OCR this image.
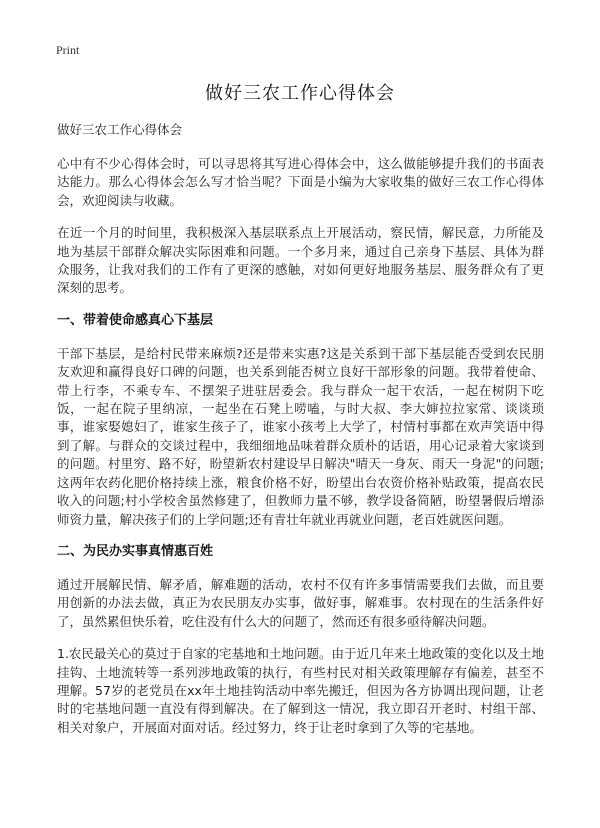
Print
做好三农工作心得体会

做好三农工作心得体会

心中有不少心得体会时，可以寻思将其写进心得体会中，这么做能够提升我们的书面表达能力。那么心得体会怎么写才恰当呢？下面是小编为大家收集的做好三农工作心得体会，欢迎阅读与收藏。

在近一个月的时间里，我积极深入基层联系点上开展活动，察民情，解民意，力所能及地为基层干部群众解决实际困难和问题。一个多月来，通过自己亲身下基层、具体为群众服务，让我对我们的工作有了更深的感触，对如何更好地服务基层、服务群众有了更深刻的思考。

一、带着使命感真心下基层

干部下基层，是给村民带来麻烦?还是带来实惠?这是关系到干部下基层能否受到农民朋友欢迎和赢得良好口碑的问题，也关系到能否树立良好干部形象的问题。我带着使命、带上行李，不乘专车、不摆架子进驻居委会。我与群众一起干农活，一起在树阴下吃饭，一起在院子里纳凉，一起坐在石凳上唠嗑，与时大叔、李大婶拉拉家常、谈谈琐事，谁家娶媳妇了，谁家生孩子了，谁家小孩考上大学了，村情村事都在欢声笑语中得到了解。与群众的交谈过程中，我细细地品味着群众质朴的话语，用心记录着大家谈到的问题。村里穷、路不好，盼望新农村建设早日解决"晴天一身灰、雨天一身泥"的问题;这两年农药化肥价格持续上涨，粮食价格不好，盼望出台农资价格补贴政策，提高农民收入的问题;村小学校舍虽然修建了，但教师力量不够，教学设备简陋，盼望暑假后增添师资力量，解决孩子们的上学问题;还有青壮年就业再就业问题，老百姓就医问题。

二、为民办实事真情惠百姓

通过开展解民情、解矛盾，解难题的活动，农村不仅有许多事情需要我们去做，而且要用创新的办法去做，真正为农民朋友办实事，做好事，解难事。农村现在的生活条件好了，虽然累但快乐着，吃住没有什么大的问题了，然而还有很多亟待解决问题。

1.农民最关心的莫过于自家的宅基地和土地问题。由于近几年来土地政策的变化以及土地挂钩、土地流转等一系列涉地政策的执行，有些村民对相关政策理解存有偏差，甚至不理解。57岁的老党员在xx年土地挂钩活动中率先搬迁，但因为各方协调出现问题，让老时的宅基地问题一直没有得到解决。在了解到这一情况，我立即召开老时、村组干部、相关对象户，开展面对面对话。经过努力，终于让老时拿到了久等的宅基地。
